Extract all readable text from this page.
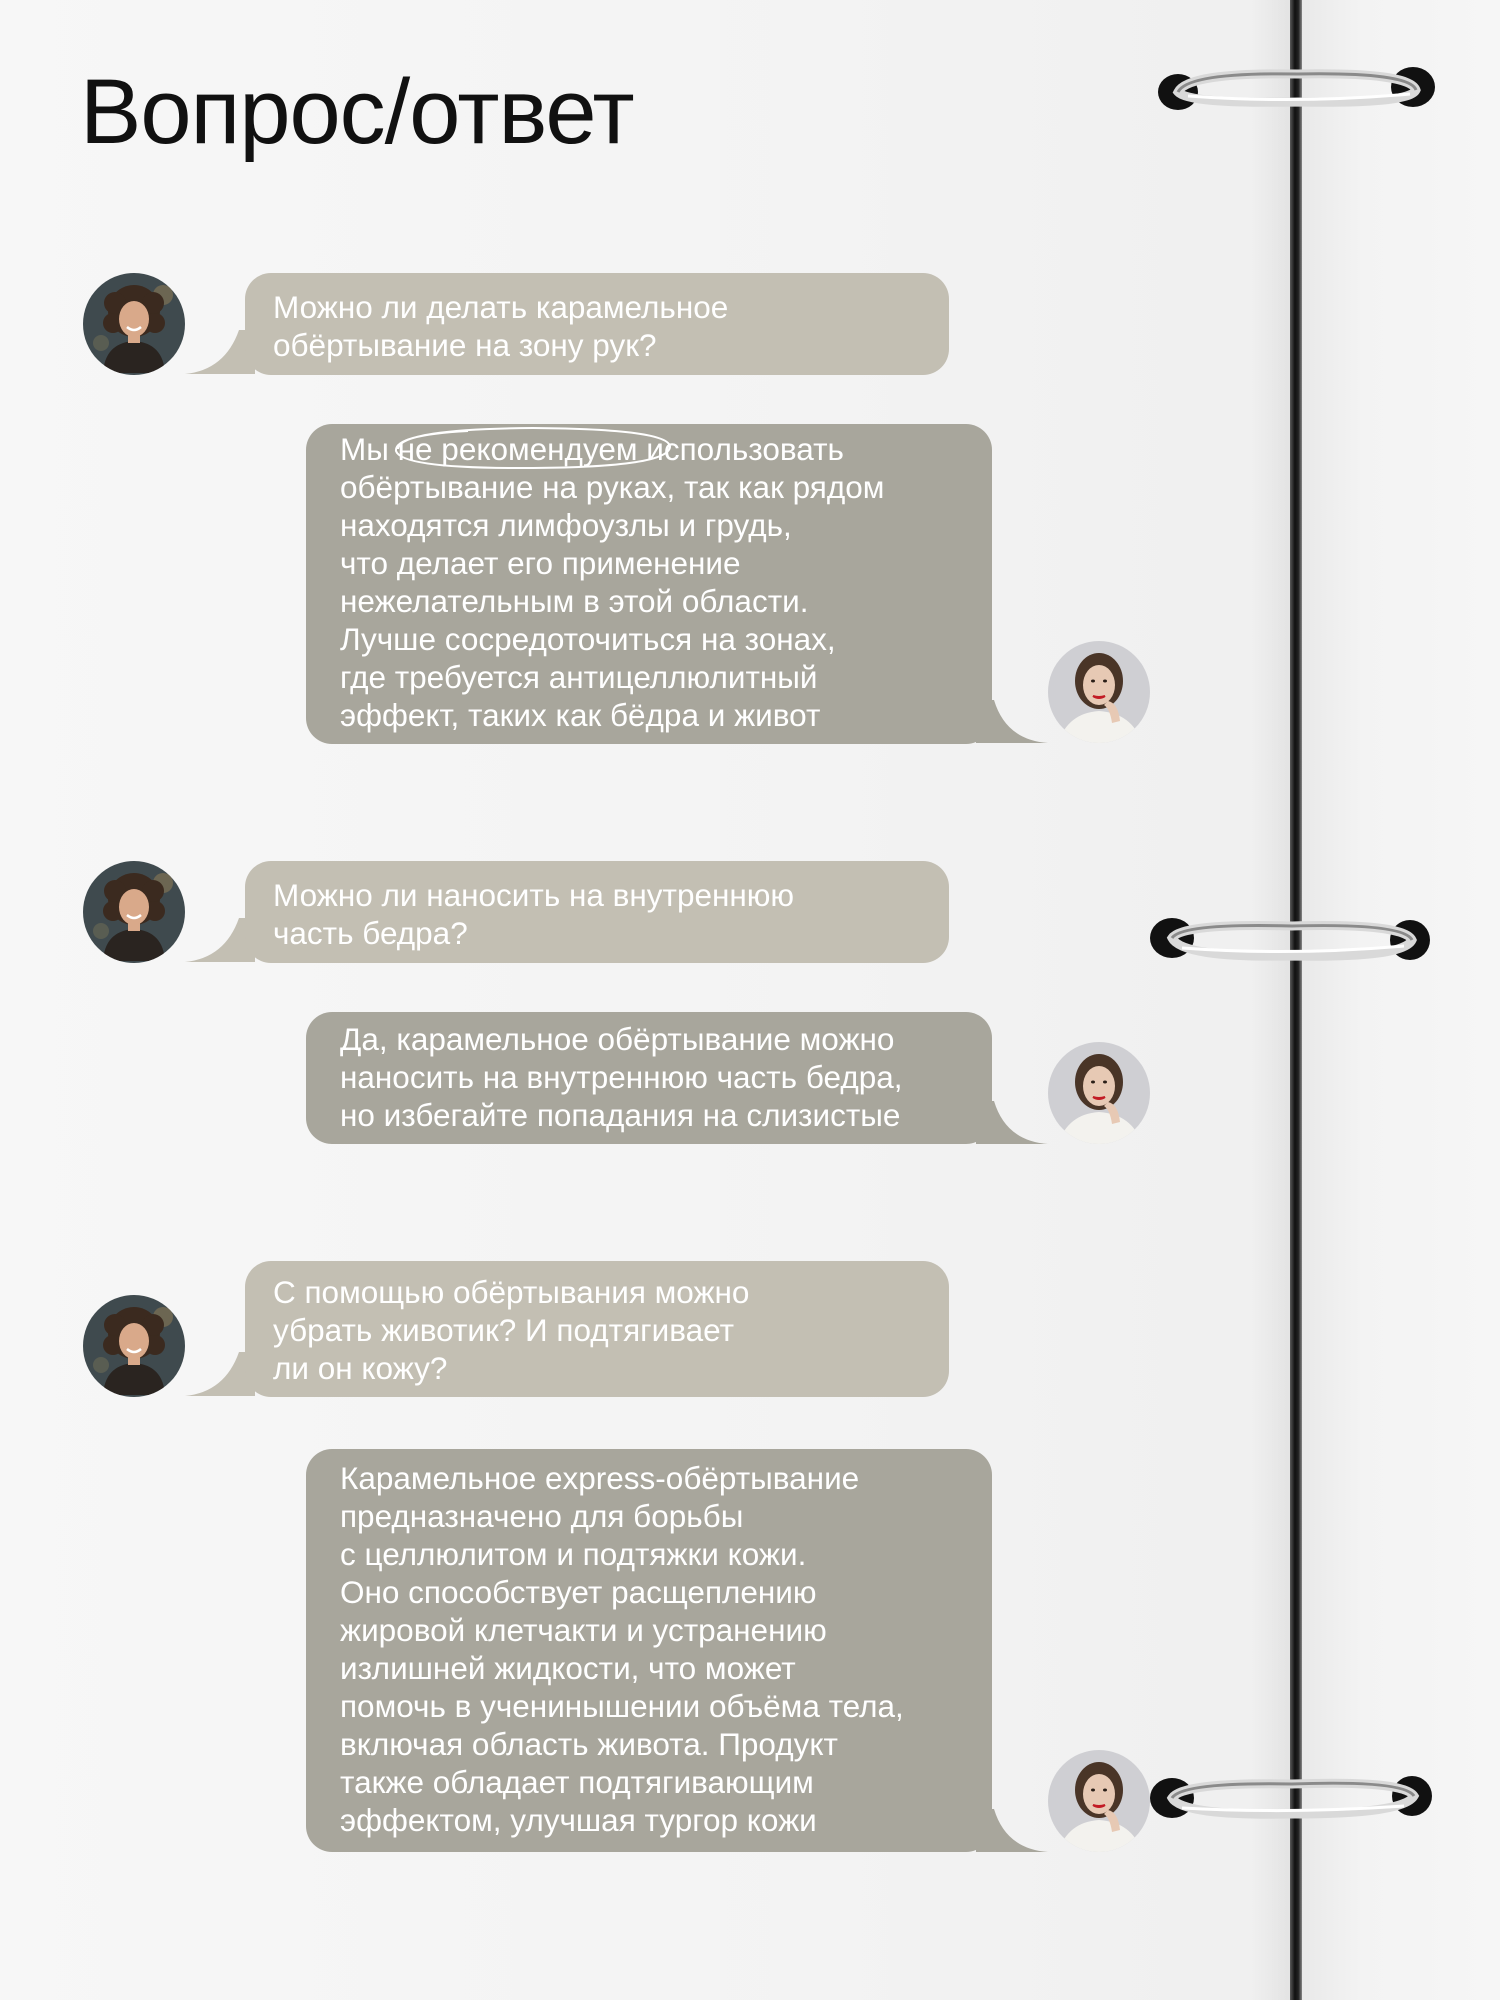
Вопрос/ответ
Можно ли делать карамельное
обёртывание на зону рук?
Мы не рекомендуем использовать
обёртывание на руках, так как рядом
находятся лимфоузлы и грудь,
что делает его применение
нежелательным в этой области.
Лучше сосредоточиться на зонах,
где требуется антицеллюлитный
эффект, таких как бёдра и живот
Можно ли наносить на внутреннюю
часть бедра?
Да, карамельное обёртывание можно
наносить на внутреннюю часть бедра,
но избегайте попадания на слизистые
С помощью обёртывания можно
убрать животик? И подтягивает
ли он кожу?
Карамельное express-обёртывание
предназначено для борьбы
с целлюлитом и подтяжки кожи.
Оно способствует расщеплению
жировой клетчакти и устранению
излишней жидкости, что может
помочь в ученинышении объёма тела,
включая область живота. Продукт
также обладает подтягивающим
эффектом, улучшая тургор кожи
